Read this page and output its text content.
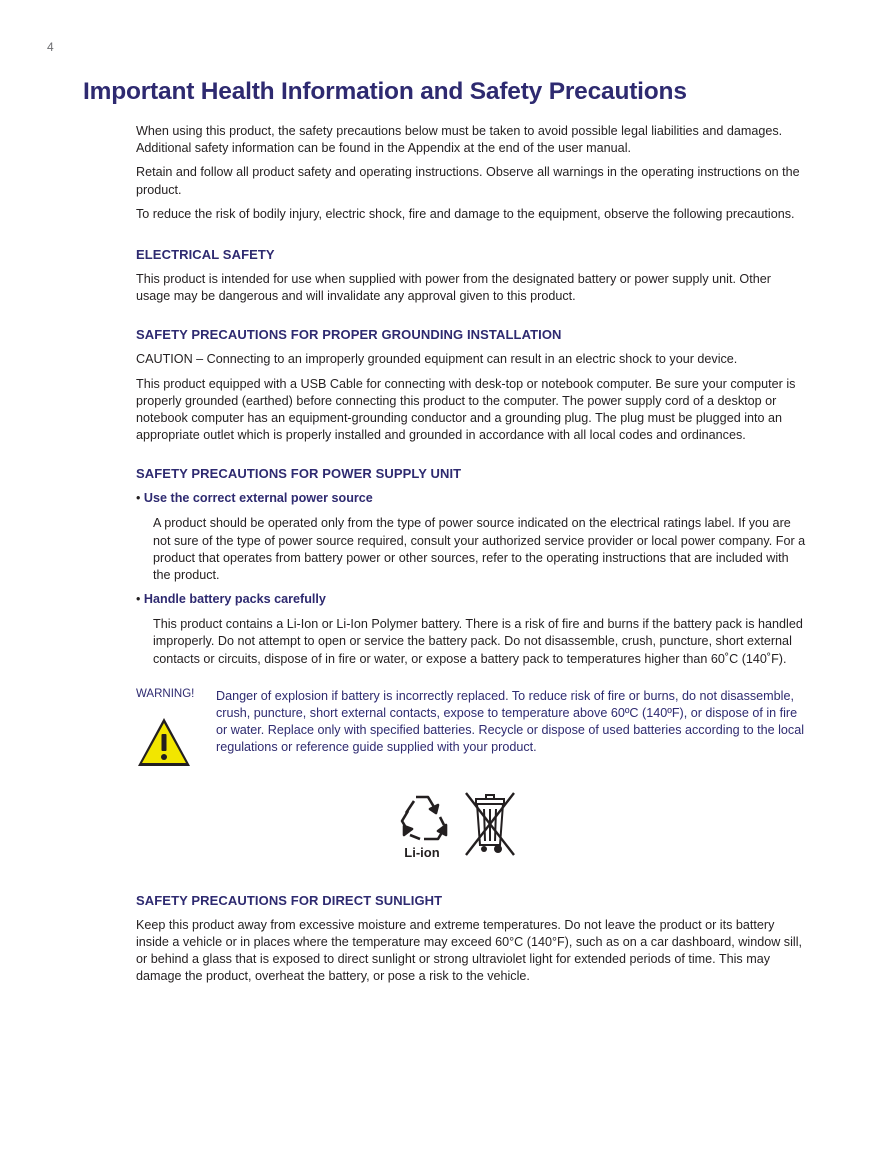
4
Important Health Information and Safety Precautions

When using this product, the safety precautions below must be taken to avoid possible legal liabilities and damages. Additional safety information can be found in the Appendix at the end of the user manual.

Retain and follow all product safety and operating instructions. Observe all warnings in the operating instructions on the product.

To reduce the risk of bodily injury, electric shock, fire and damage to the equipment, observe the following precautions.

ELECTRICAL SAFETY

This product is intended for use when supplied with power from the designated battery or power supply unit. Other usage may be dangerous and will invalidate any approval given to this product.

SAFETY PRECAUTIONS FOR PROPER GROUNDING INSTALLATION

CAUTION – Connecting to an improperly grounded equipment can result in an electric shock to your device.

This product equipped with a USB Cable for connecting with desk-top or notebook computer. Be sure your computer is properly grounded (earthed) before connecting this product to the computer. The power supply cord of a desktop or notebook computer has an equipment-grounding conductor and a grounding plug. The plug must be plugged into an appropriate outlet which is properly installed and grounded in accordance with all local codes and ordinances.

SAFETY PRECAUTIONS FOR POWER SUPPLY UNIT
• Use the correct external power source

A product should be operated only from the type of power source indicated on the electrical ratings label. If you are not sure of the type of power source required, consult your authorized service provider or local power company. For a product that operates from battery power or other sources, refer to the operating instructions that are included with the product.

• Handle battery packs carefully

This product contains a Li-Ion or Li-Ion Polymer battery. There is a risk of fire and burns if the battery pack is handled improperly. Do not attempt to open or service the battery pack. Do not disassemble, crush, puncture, short external contacts or circuits, dispose of in fire or water, or expose a battery pack to temperatures higher than 60˚C (140˚F).

WARNING! Danger of explosion if battery is incorrectly replaced. To reduce risk of fire or burns, do not disassemble, crush, puncture, short external contacts, expose to temperature above 60ºC (140ºF), or dispose of in fire or water. Replace only with specified batteries. Recycle or dispose of used batteries according to the local regulations or reference guide supplied with your product.
Li-ion
SAFETY PRECAUTIONS FOR DIRECT SUNLIGHT

Keep this product away from excessive moisture and extreme temperatures. Do not leave the product or its battery inside a vehicle or in places where the temperature may exceed 60°C (140°F), such as on a car dashboard, window sill, or behind a glass that is exposed to direct sunlight or strong ultraviolet light for extended periods of time. This may damage the product, overheat the battery, or pose a risk to the vehicle.
